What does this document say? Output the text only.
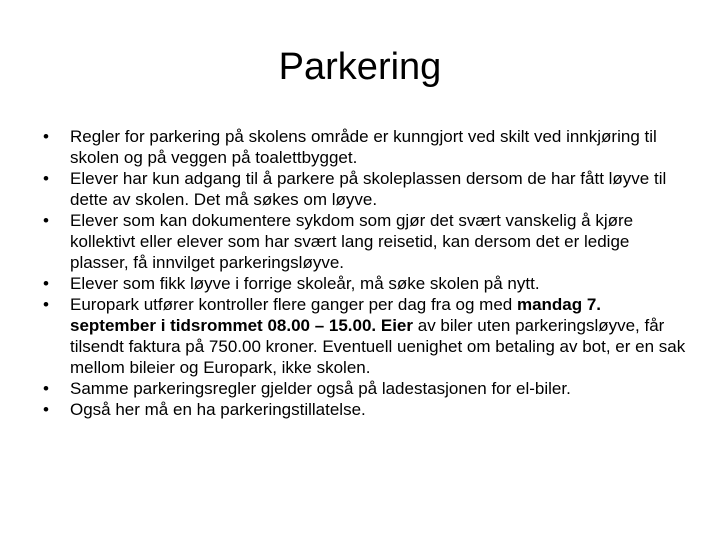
Parkering
•	Regler for parkering på skolens område er kunngjort ved skilt ved innkjøring til skolen og på veggen på toalettbygget.
•	Elever har kun adgang til å parkere på skoleplassen dersom de har fått løyve til dette av skolen. Det må søkes om løyve.
•	Elever som kan dokumentere sykdom som gjør det svært vanskelig å kjøre kollektivt eller elever som har svært lang reisetid, kan dersom det er ledige plasser, få innvilget parkeringsløyve.
•	Elever som fikk løyve i forrige skoleår, må søke skolen på nytt.
•	Europark utfører kontroller flere ganger per dag fra og med mandag 7. september i tidsrommet 08.00 – 15.00. Eier av biler uten parkeringsløyve, får tilsendt faktura på 750.00 kroner. Eventuell uenighet om betaling av bot, er en sak mellom bileier og Europark, ikke skolen.
•	Samme parkeringsregler gjelder også på ladestasjonen for el-biler.
•	Også her må en ha parkeringstillatelse.
